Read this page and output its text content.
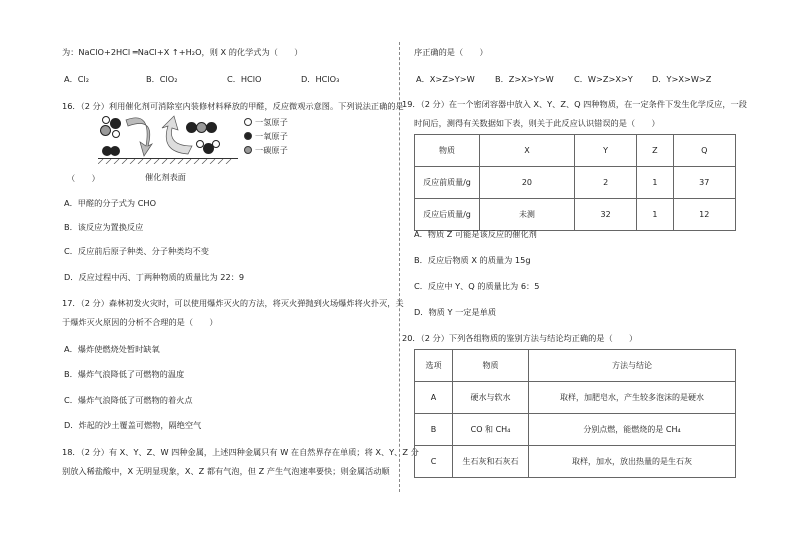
为：NaClO+2HCl ═NaCl+X ↑+H₂O，则 X 的化学式为（　　）
A．Cl₂	B．ClO₂	C．HClO	D．HClO₃
16．（2 分）利用催化剂可消除室内装修材料释放的甲醛，反应微观示意图。下列说法正确的是
一氢原子
一氧原子
一碳原子
催化剂表面
（　　）
A．甲醛的分子式为 CHO
B．该反应为置换反应
C．反应前后原子种类、分子种类均不变
D．反应过程中丙、丁两种物质的质量比为 22：9
17．（2 分）森林初发火灾时，可以使用爆炸灭火的方法，将灭火弹抛到火场爆炸将火扑灭，关
于爆炸灭火原因的分析不合理的是（　　）
A．爆炸使燃烧处暂时缺氧
B．爆炸气浪降低了可燃物的温度
C．爆炸气浪降低了可燃物的着火点
D．炸起的沙土覆盖可燃物，隔绝空气
18．（2 分）有 X、Y、Z、W 四种金属，上述四种金属只有 W 在自然界存在单质；将 X、Y、Z 分
别放入稀盐酸中，X 无明显现象，X、Z 都有气泡，但 Z 产生气泡速率要快；则金属活动顺
序正确的是（　　）
A．X>Z>Y>W B．Z>X>Y>W C．W>Z>X>Y D．Y>X>W>Z
19．（2 分）在一个密闭容器中放入 X、Y、Z、Q 四种物质，在一定条件下发生化学反应，一段
时间后，测得有关数据如下表，则关于此反应认识错误的是（　　）
物质	X	Y	Z	Q
反应前质量/g	20	2	1	37
反应后质量/g	未测	32	1	12
A．物质 Z 可能是该反应的催化剂
B．反应后物质 X 的质量为 15g
C．反应中 Y、Q 的质量比为 6：5
D．物质 Y 一定是单质
20．（2 分）下列各组物质的鉴别方法与结论均正确的是（　　）
选项	物质	方法与结论
A	硬水与软水	取样，加肥皂水，产生较多泡沫的是硬水
B	CO 和 CH₄	分别点燃，能燃烧的是 CH₄
C	生石灰和石灰石	取样，加水，放出热量的是生石灰
